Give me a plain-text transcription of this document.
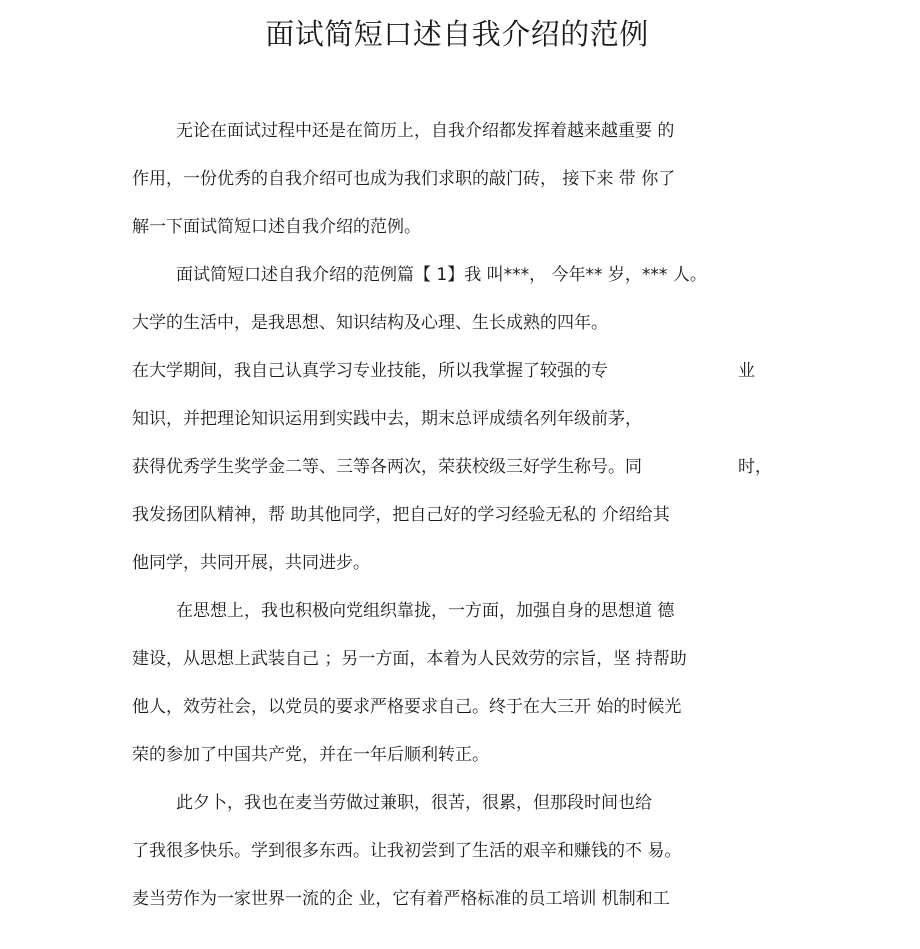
面试简短口述自我介绍的范例
无论在面试过程中还是在简历上，自我介绍都发挥着越来越重要 的
作用，一份优秀的自我介绍可也成为我们求职的敲门砖， 接下来 带 你了
解一下面试简短口述自我介绍的范例。
面试简短口述自我介绍的范例篇【 1】我 叫***， 今年** 岁，*** 人。
大学的生活中，是我思想、知识结构及心理、生长成熟的四年。
在大学期间，我自己认真学习专业技能，所以我掌握了较强的专	业
知识，并把理论知识运用到实践中去，期末总评成绩名列年级前茅，
获得优秀学生奖学金二等、三等各两次，荣获校级三好学生称号。同	时，
我发扬团队精神，帮 助其他同学，把自己好的学习经验无私的 介绍给其
他同学，共同开展，共同进步。
在思想上，我也积极向党组织靠拢，一方面，加强自身的思想道 德
建设，从思想上武装自己 ；另一方面，本着为人民效劳的宗旨，坚 持帮助
他人，效劳社会，以党员的要求严格要求自己。终于在大三开 始的时候光
荣的参加了中国共产党，并在一年后顺利转正。
此夕卜，我也在麦当劳做过兼职，很苦，很累，但那段时间也给
了我很多快乐。学到很多东西。让我初尝到了生活的艰辛和赚钱的不 易。
麦当劳作为一家世界一流的企 业，它有着严格标准的员工培训 机制和工
